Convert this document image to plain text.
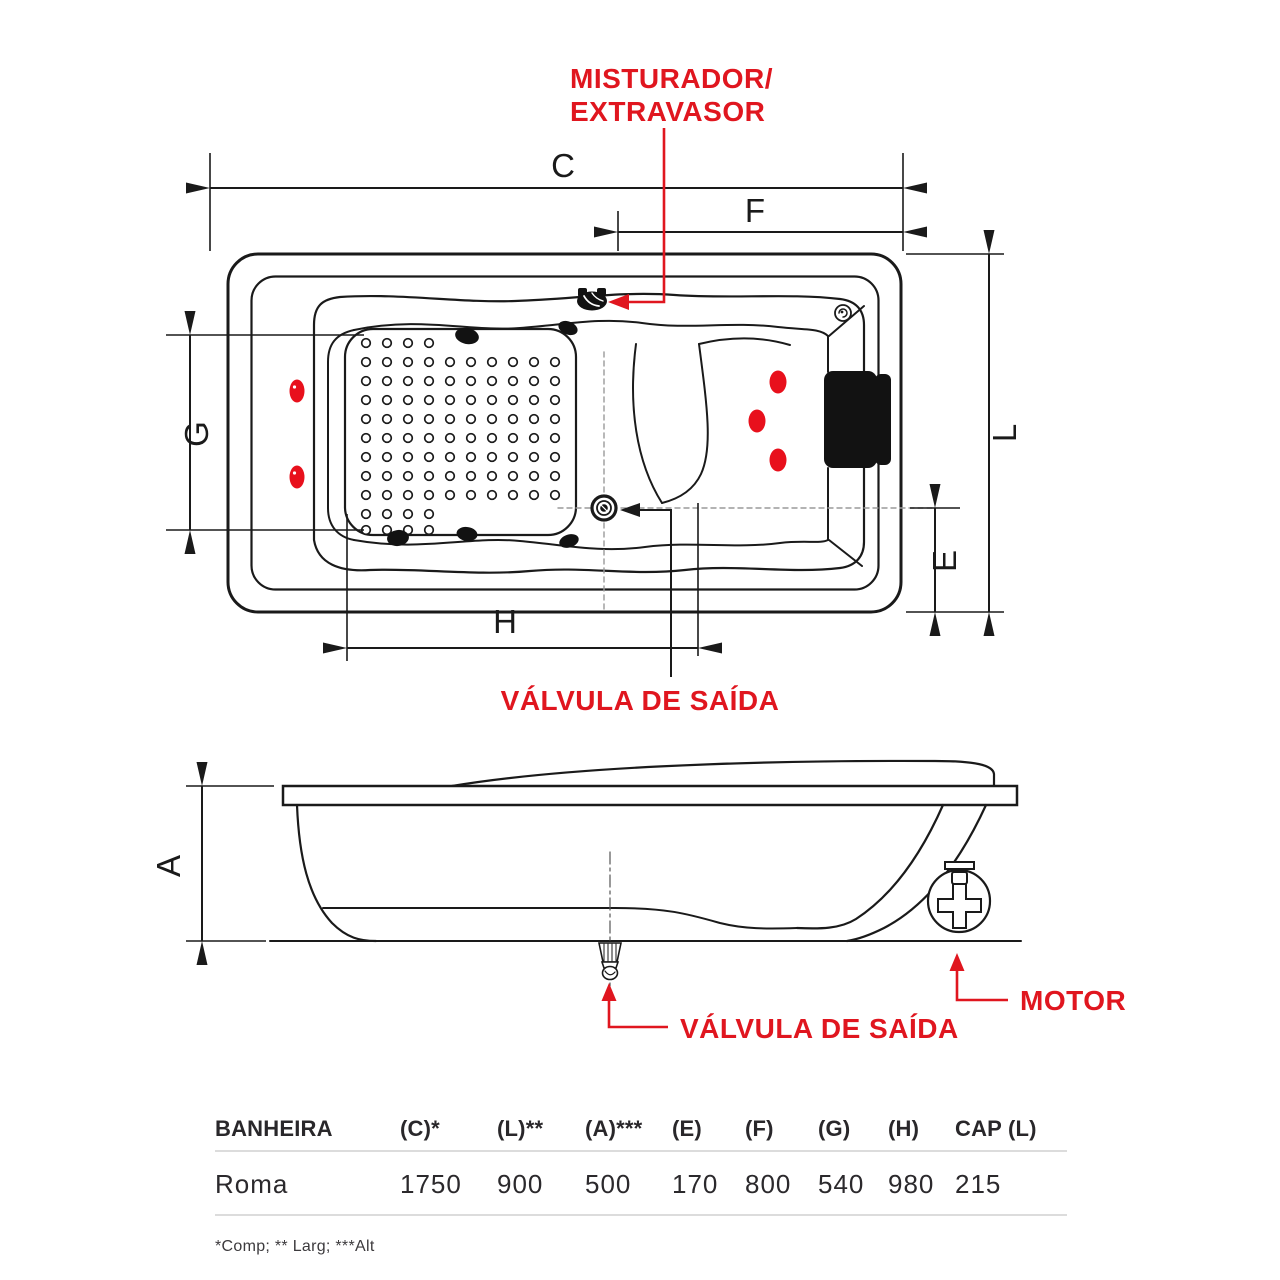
C
F
L
E
G
H
MISTURADOR/
EXTRAVASOR
VÁLVULA DE SAÍDA
A
VÁLVULA DE SAÍDA
MOTOR
BANHEIRA	(C)*	(L)**	(A)***	(E)	(F)	(G)	(H)	CAP (L)
Roma	1750	900	500	170	800	540 980 215
*Comp; ** Larg; ***Alt
